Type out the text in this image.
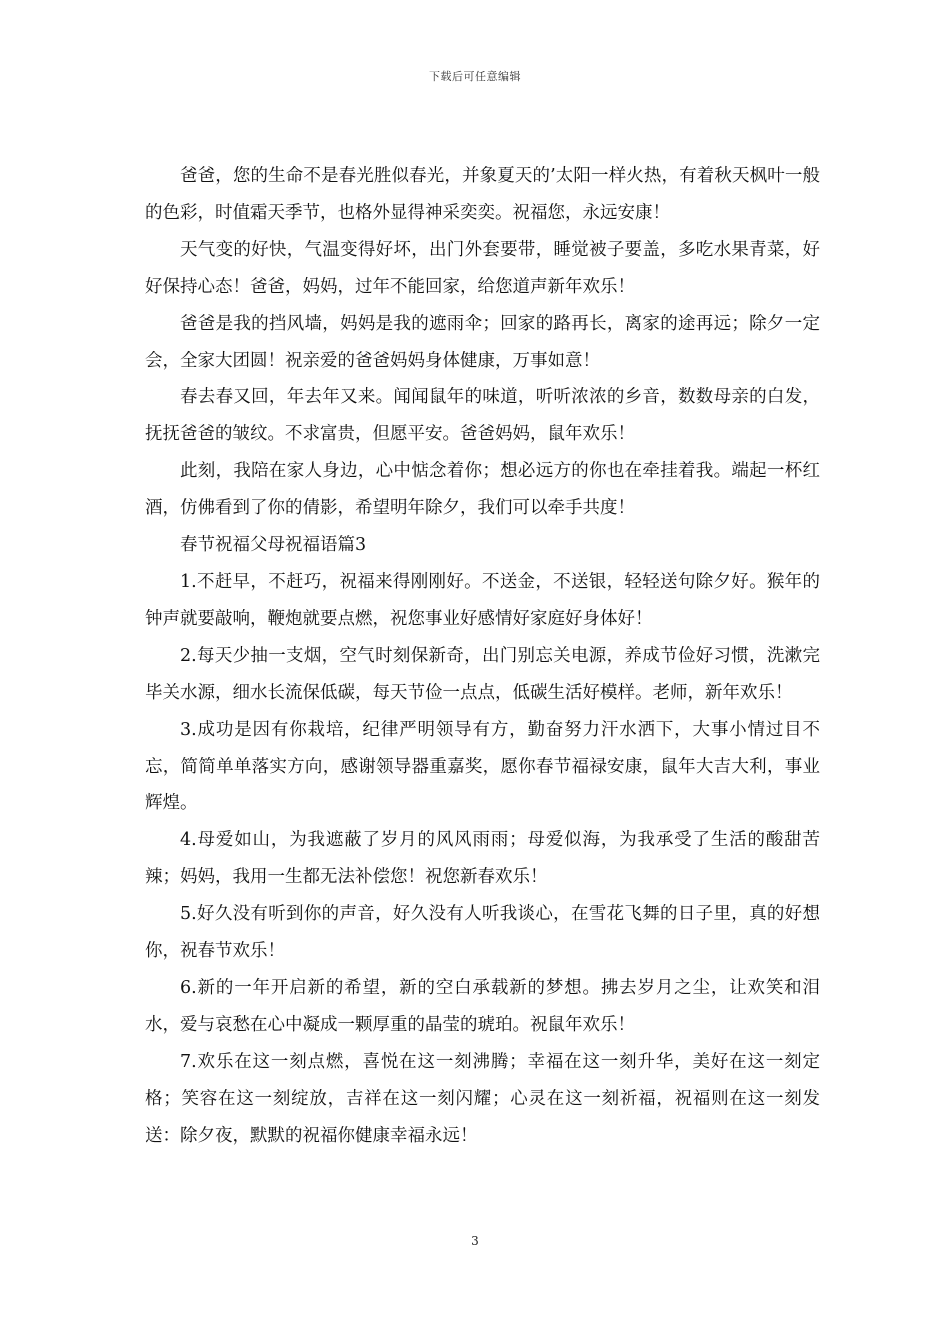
下载后可任意编辑

爸爸，您的生命不是春光胜似春光，并象夏天的’太阳一样火热，有着秋天枫叶一般的色彩，时值霜天季节，也格外显得神采奕奕。祝福您，永远安康！

天气变的好快，气温变得好坏，出门外套要带，睡觉被子要盖，多吃水果青菜，好好保持心态！爸爸，妈妈，过年不能回家，给您道声新年欢乐！

爸爸是我的挡风墙，妈妈是我的遮雨伞；回家的路再长，离家的途再远；除夕一定会，全家大团圆！祝亲爱的爸爸妈妈身体健康，万事如意！

春去春又回，年去年又来。闻闻鼠年的味道，听听浓浓的乡音，数数母亲的白发，抚抚爸爸的皱纹。不求富贵，但愿平安。爸爸妈妈，鼠年欢乐！

此刻，我陪在家人身边，心中惦念着你；想必远方的你也在牵挂着我。端起一杯红酒，仿佛看到了你的倩影，希望明年除夕，我们可以牵手共度！

春节祝福父母祝福语篇3

1.不赶早，不赶巧，祝福来得刚刚好。不送金，不送银，轻轻送句除夕好。猴年的钟声就要敲响，鞭炮就要点燃，祝您事业好感情好家庭好身体好！

2.每天少抽一支烟，空气时刻保新奇，出门别忘关电源，养成节俭好习惯，洗漱完毕关水源，细水长流保低碳，每天节俭一点点，低碳生活好模样。老师，新年欢乐！

3.成功是因有你栽培，纪律严明领导有方，勤奋努力汗水洒下，大事小情过目不忘，简简单单落实方向，感谢领导器重嘉奖，愿你春节福禄安康，鼠年大吉大利，事业辉煌。

4.母爱如山，为我遮蔽了岁月的风风雨雨；母爱似海，为我承受了生活的酸甜苦辣；妈妈，我用一生都无法补偿您！祝您新春欢乐！

5.好久没有听到你的声音，好久没有人听我谈心，在雪花飞舞的日子里，真的好想你，祝春节欢乐！

6.新的一年开启新的希望，新的空白承载新的梦想。拂去岁月之尘，让欢笑和泪水，爱与哀愁在心中凝成一颗厚重的晶莹的琥珀。祝鼠年欢乐！

7.欢乐在这一刻点燃，喜悦在这一刻沸腾；幸福在这一刻升华，美好在这一刻定格；笑容在这一刻绽放，吉祥在这一刻闪耀；心灵在这一刻祈福，祝福则在这一刻发送：除夕夜，默默的祝福你健康幸福永远！

3
